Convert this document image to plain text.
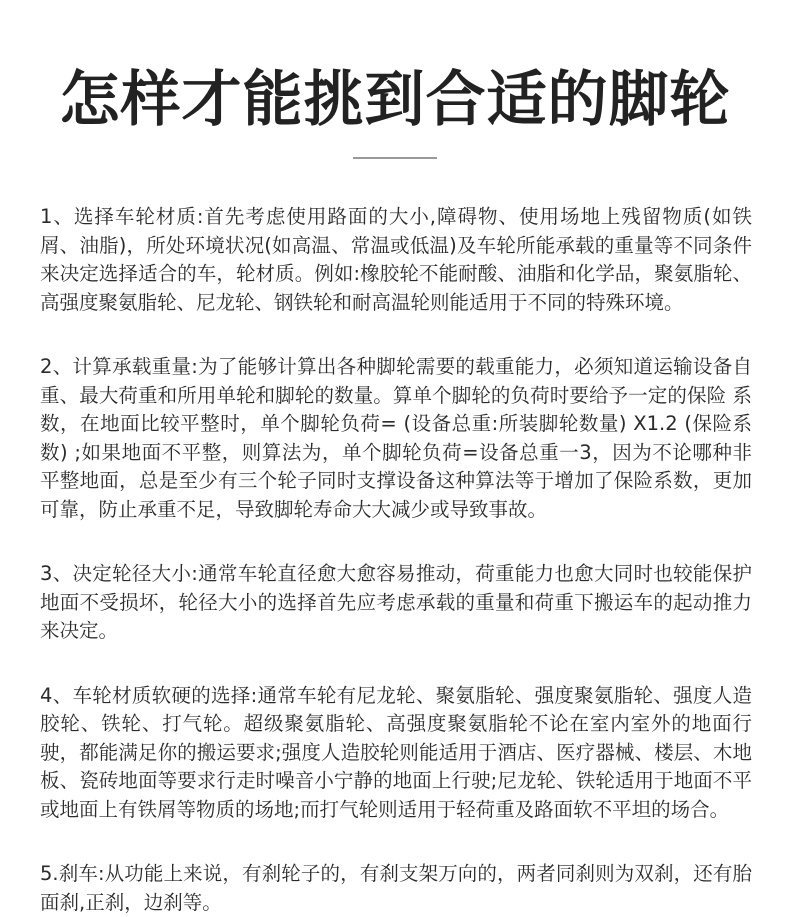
怎样才能挑到合适的脚轮

1、选择车轮材质:首先考虑使用路面的大小,障碍物、使用场地上残留物质(如铁屑、油脂)，所处环境状况(如高温、常温或低温)及车轮所能承载的重量等不同条件来决定选择适合的车，轮材质。例如:橡胶轮不能耐酸、油脂和化学品，聚氨脂轮、高强度聚氨脂轮、尼龙轮、钢铁轮和耐高温轮则能适用于不同的特殊环境。

2、计算承载重量:为了能够计算出各种脚轮需要的载重能力，必须知道运输设备自重、最大荷重和所用单轮和脚轮的数量。算单个脚轮的负荷时要给予一定的保险 系数，在地面比较平整时，单个脚轮负荷= (设备总重:所装脚轮数量) X1.2 (保险系数) ;如果地面不平整，则算法为，单个脚轮负荷=设备总重一3，因为不论哪种非平整地面，总是至少有三个轮子同时支撑设备这种算法等于增加了保险系数，更加可靠，防止承重不足，导致脚轮寿命大大减少或导致事故。

3、决定轮径大小:通常车轮直径愈大愈容易推动，荷重能力也愈大同时也较能保护地面不受损坏，轮径大小的选择首先应考虑承载的重量和荷重下搬运车的起动推力来决定。

4、车轮材质软硬的选择:通常车轮有尼龙轮、聚氨脂轮、强度聚氨脂轮、强度人造胶轮、铁轮、打气轮。超级聚氨脂轮、高强度聚氨脂轮不论在室内室外的地面行驶，都能满足你的搬运要求;强度人造胶轮则能适用于酒店、医疗器械、楼层、木地板、瓷砖地面等要求行走时噪音小宁静的地面上行驶;尼龙轮、铁轮适用于地面不平或地面上有铁屑等物质的场地;而打气轮则适用于轻荷重及路面软不平坦的场合。

5.刹车:从功能上来说，有刹轮子的，有刹支架万向的，两者同刹则为双刹，还有胎面刹,正刹，边刹等。
